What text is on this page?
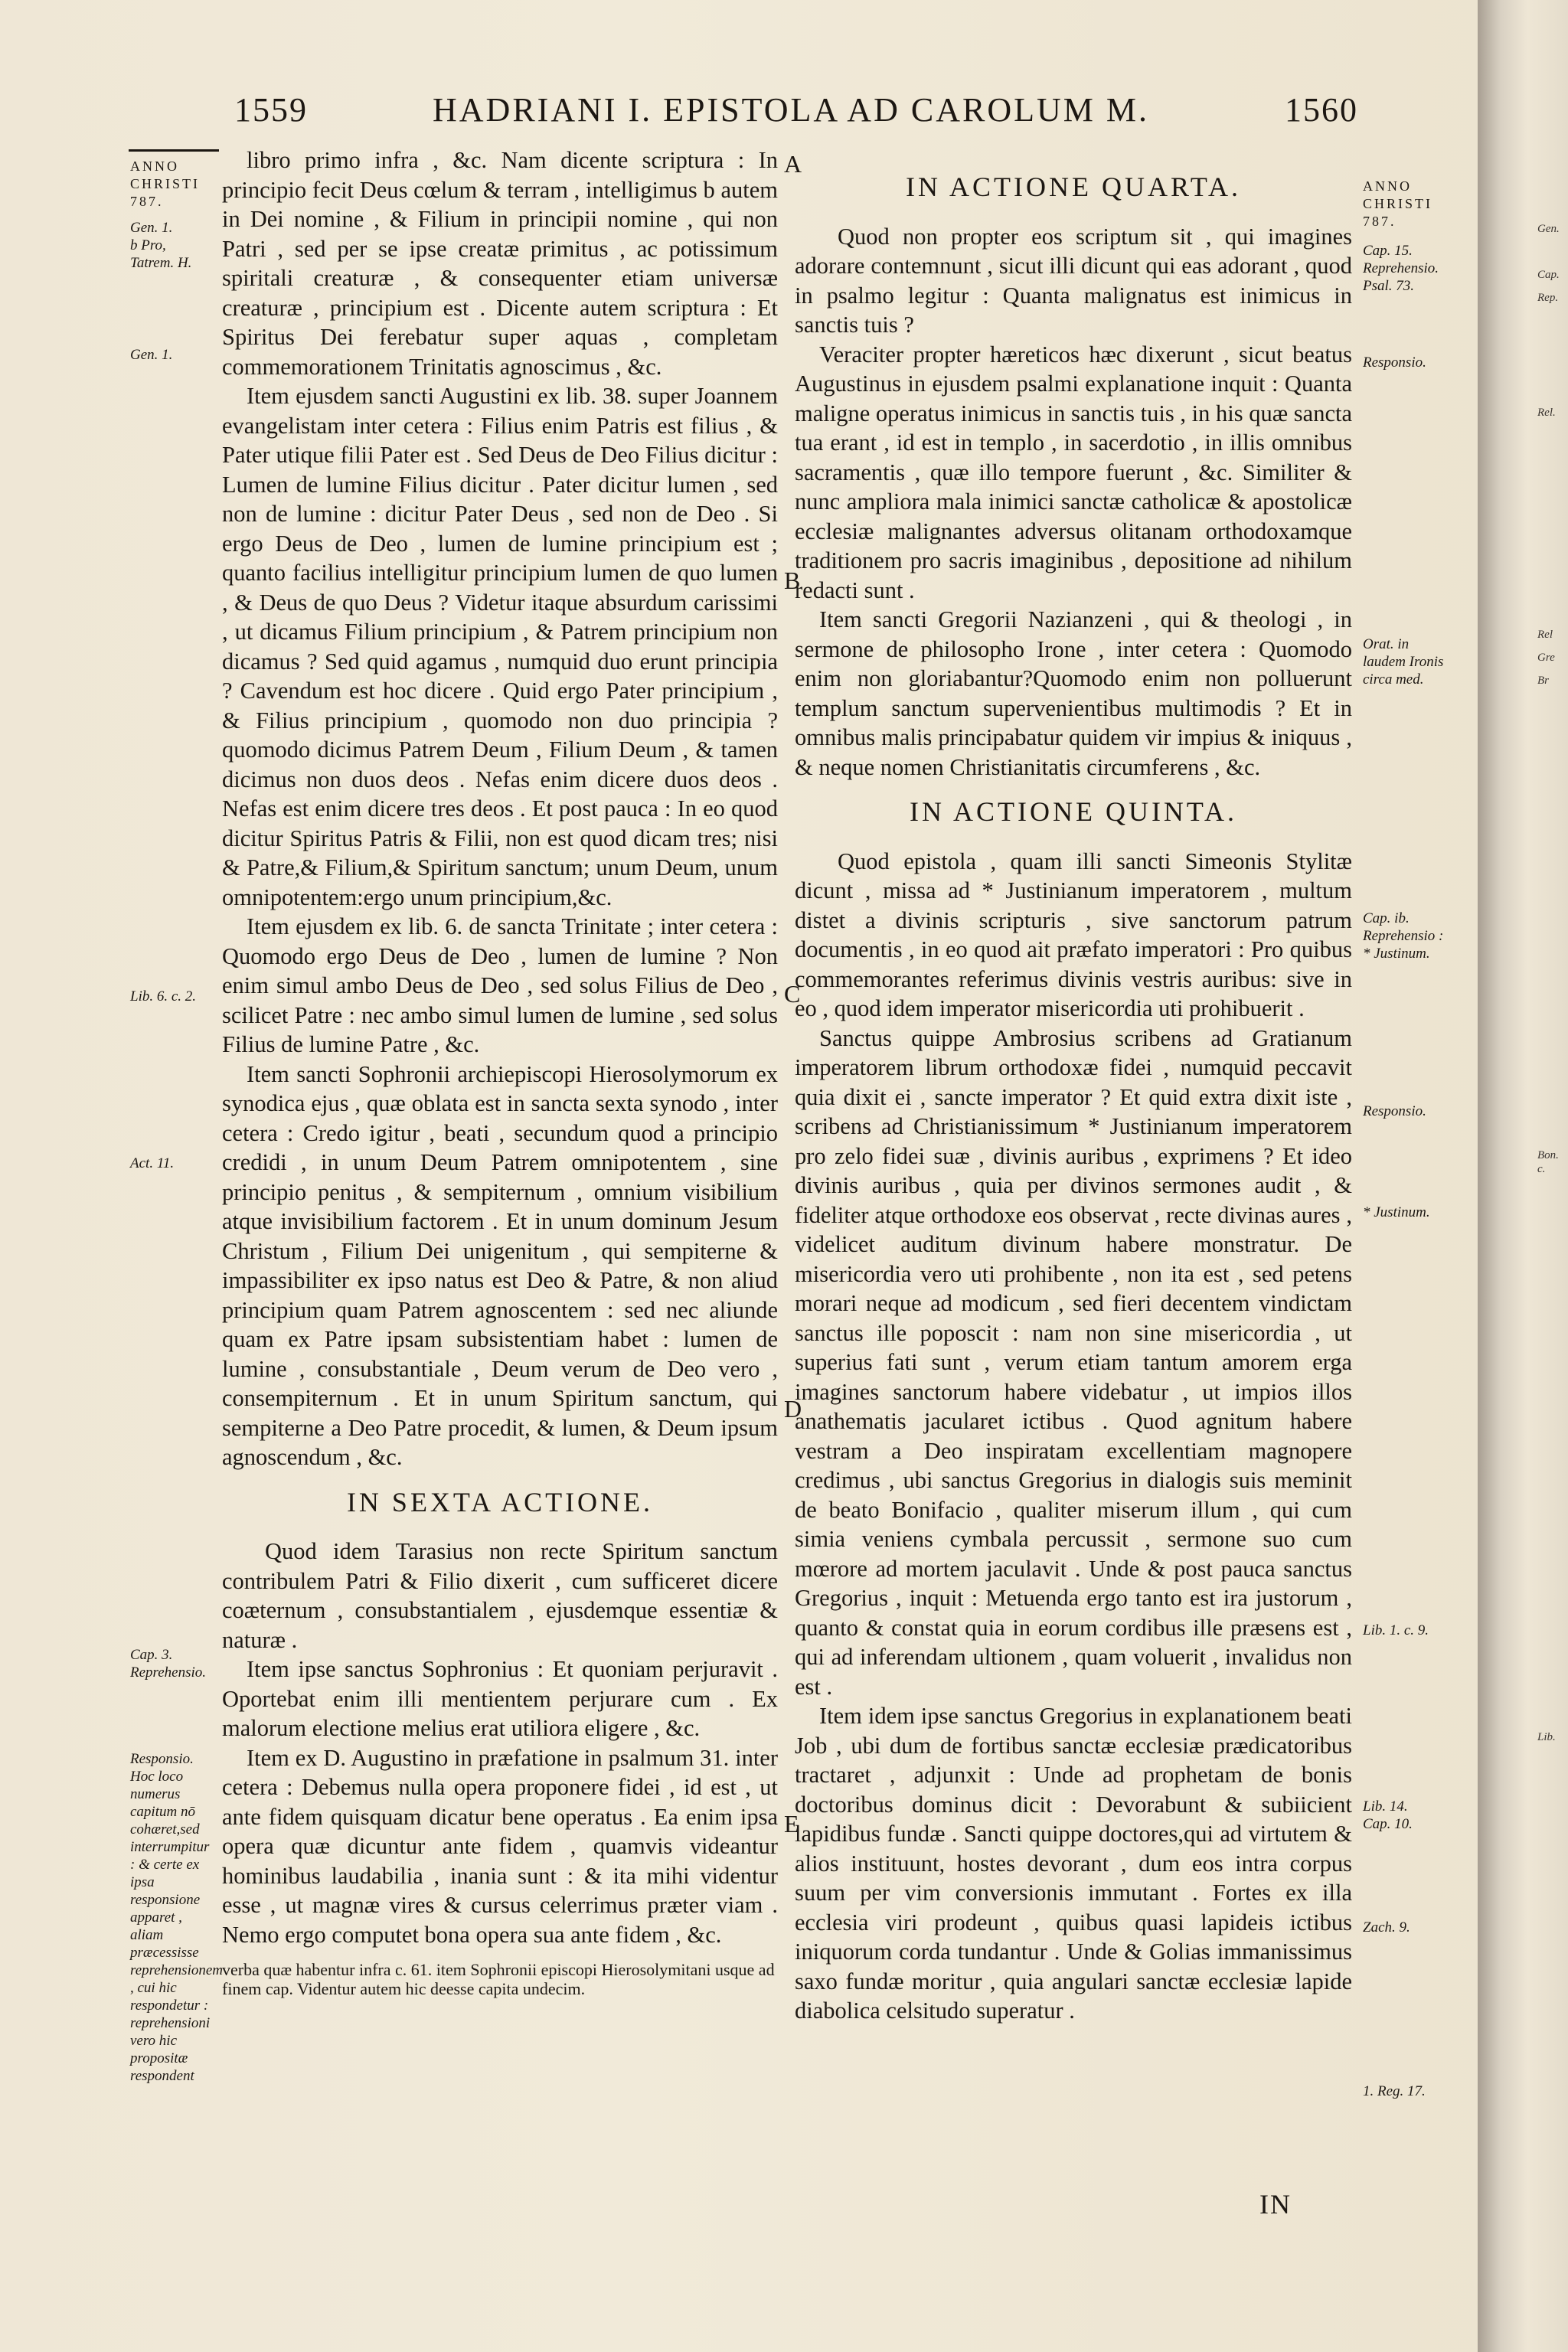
Gen.
Cap.
Rep.
Rel.
Rel
Gre
Br
Bon. c.
Lib.
1559	HADRIANI I. EPISTOLA AD CAROLUM M.	1560
ANNO
CHRISTI
787.
Gen. 1.
b Pro, Tatrem. H.
Gen. 1.
Lib. 6. c. 2.
Act. 11.
Cap. 3. Reprehensio.
Responsio. Hoc loco numerus capitum nō cohæret,sed interrumpitur : & certe ex ipsa responsione apparet , aliam præcessisse reprehensionem , cui hic respondetur : reprehensioni vero hic propositæ respondent
ANNO
CHRISTI
787.
Cap. 15. Reprehensio.
Psal. 73.
Responsio.
Orat. in laudem Ironis circa med.
Cap. ib. Reprehensio :
* Justinum.
Responsio.
* Justinum.
Lib. 1. c. 9.
Lib. 14.
Cap. 10.
Zach. 9.
1. Reg. 17.
A
B
C
D
E

libro primo infra , &c. Nam dicente scriptura : In principio fecit Deus cœlum & terram , intelligimus b autem in Dei nomine , & Filium in principii nomine , qui non Patri , sed per se ipse creatæ primitus , ac potissimum spiritali creaturæ , & consequenter etiam universæ creaturæ , principium est . Dicente autem scriptura : Et Spiritus Dei ferebatur super aquas , completam commemorationem Trinitatis agnoscimus , &c.

Item ejusdem sancti Augustini ex lib. 38. super Joannem evangelistam inter cetera : Filius enim Patris est filius , & Pater utique filii Pater est . Sed Deus de Deo Filius dicitur : Lumen de lumine Filius dicitur . Pater dicitur lumen , sed non de lumine : dicitur Pater Deus , sed non de Deo . Si ergo Deus de Deo , lumen de lumine principium est ; quanto facilius intelligitur principium lumen de quo lumen , & Deus de quo Deus ? Videtur itaque absurdum carissimi , ut dicamus Filium principium , & Patrem principium non dicamus ? Sed quid agamus , numquid duo erunt principia ? Cavendum est hoc dicere . Quid ergo Pater principium , & Filius principium , quomodo non duo principia ? quomodo dicimus Patrem Deum , Filium Deum , & tamen dicimus non duos deos . Nefas enim dicere duos deos . Nefas est enim dicere tres deos . Et post pauca : In eo quod dicitur Spiritus Patris & Filii, non est quod dicam tres; nisi & Patre,& Filium,& Spiritum sanctum; unum Deum, unum omnipotentem:ergo unum principium,&c.

Item ejusdem ex lib. 6. de sancta Trinitate ; inter cetera : Quomodo ergo Deus de Deo , lumen de lumine ? Non enim simul ambo Deus de Deo , sed solus Filius de Deo , scilicet Patre : nec ambo simul lumen de lumine , sed solus Filius de lumine Patre , &c.

Item sancti Sophronii archiepiscopi Hierosolymorum ex synodica ejus , quæ oblata est in sancta sexta synodo , inter cetera : Credo igitur , beati , secundum quod a principio credidi , in unum Deum Patrem omnipotentem , sine principio penitus , & sempiternum , omnium visibilium atque invisibilium factorem . Et in unum dominum Jesum Christum , Filium Dei unigenitum , qui sempiterne & impassibiliter ex ipso natus est Deo & Patre, & non aliud principium quam Patrem agnoscentem : sed nec aliunde quam ex Patre ipsam subsistentiam habet : lumen de lumine , consubstantiale , Deum verum de Deo vero , consempiternum . Et in unum Spiritum sanctum, qui sempiterne a Deo Patre procedit, & lumen, & Deum ipsum agnoscendum , &c.

IN SEXTA ACTIONE.

Quod idem Tarasius non recte Spiritum sanctum contribulem Patri & Filio dixerit , cum sufficeret dicere coæternum , consubstantialem , ejusdemque essentiæ & naturæ .

Item ipse sanctus Sophronius : Et quoniam perjuravit . Oportebat enim illi mentientem perjurare cum . Ex malorum electione melius erat utiliora eligere , &c.

Item ex D. Augustino in præfatione in psalmum 31. inter cetera : Debemus nulla opera proponere fidei , id est , ut ante fidem quisquam dicatur bene operatus . Ea enim ipsa opera quæ dicuntur ante fidem , quamvis videantur hominibus laudabilia , inania sunt : & ita mihi videntur esse , ut magnæ vires & cursus celerrimus præter viam . Nemo ergo computet bona opera sua ante fidem , &c.

verba quæ habentur infra c. 61. item Sophronii episcopi Hierosolymitani usque ad finem cap. Videntur autem hic deesse capita undecim.

IN ACTIONE QUARTA.

Quod non propter eos scriptum sit , qui imagines adorare contemnunt , sicut illi dicunt qui eas adorant , quod in psalmo legitur : Quanta malignatus est inimicus in sanctis tuis ?

Veraciter propter hæreticos hæc dixerunt , sicut beatus Augustinus in ejusdem psalmi explanatione inquit : Quanta maligne operatus inimicus in sanctis tuis , in his quæ sancta tua erant , id est in templo , in sacerdotio , in illis omnibus sacramentis , quæ illo tempore fuerunt , &c. Similiter & nunc ampliora mala inimici sanctæ catholicæ & apostolicæ ecclesiæ malignantes adversus olitanam orthodoxamque traditionem pro sacris imaginibus , depositione ad nihilum redacti sunt .

Item sancti Gregorii Nazianzeni , qui & theologi , in sermone de philosopho Irone , inter cetera : Quomodo enim non gloriabantur?Quomodo enim non polluerunt templum sanctum supervenientibus multimodis ? Et in omnibus malis principabatur quidem vir impius & iniquus , & neque nomen Christianitatis circumferens , &c.

IN ACTIONE QUINTA.

Quod epistola , quam illi sancti Simeonis Stylitæ dicunt , missa ad * Justinianum imperatorem , multum distet a divinis scripturis , sive sanctorum patrum documentis , in eo quod ait præfato imperatori : Pro quibus commemorantes referimus divinis vestris auribus: sive in eo , quod idem imperator misericordia uti prohibuerit .

Sanctus quippe Ambrosius scribens ad Gratianum imperatorem librum orthodoxæ fidei , numquid peccavit quia dixit ei , sancte imperator ? Et quid extra dixit iste , scribens ad Christianissimum * Justinianum imperatorem pro zelo fidei suæ , divinis auribus , exprimens ? Et ideo divinis auribus , quia per divinos sermones audit , & fideliter atque orthodoxe eos observat , recte divinas aures , videlicet auditum divinum habere monstratur. De misericordia vero uti prohibente , non ita est , sed petens morari neque ad modicum , sed fieri decentem vindictam sanctus ille poposcit : nam non sine misericordia , ut superius fati sunt , verum etiam tantum amorem erga imagines sanctorum habere videbatur , ut impios illos anathematis jacularet ictibus . Quod agnitum habere vestram a Deo inspiratam excellentiam magnopere credimus , ubi sanctus Gregorius in dialogis suis meminit de beato Bonifacio , qualiter miserum illum , qui cum simia veniens cymbala percussit , sermone suo cum mœrore ad mortem jaculavit . Unde & post pauca sanctus Gregorius , inquit : Metuenda ergo tanto est ira justorum , quanto & constat quia in eorum cordibus ille præsens est , qui ad inferendam ultionem , quam voluerit , invalidus non est .

Item idem ipse sanctus Gregorius in explanationem beati Job , ubi dum de fortibus sanctæ ecclesiæ prædicatoribus tractaret , adjunxit : Unde ad prophetam de bonis doctoribus dominus dicit : Devorabunt & subiicient lapidibus fundæ . Sancti quippe doctores,qui ad virtutem & alios instituunt, hostes devorant , dum eos intra corpus suum per vim conversionis immutant . Fortes ex illa ecclesia viri prodeunt , quibus quasi lapideis ictibus iniquorum corda tundantur . Unde & Golias immanissimus saxo fundæ moritur , quia angulari sanctæ ecclesiæ lapide diabolica celsitudo superatur .

IN
